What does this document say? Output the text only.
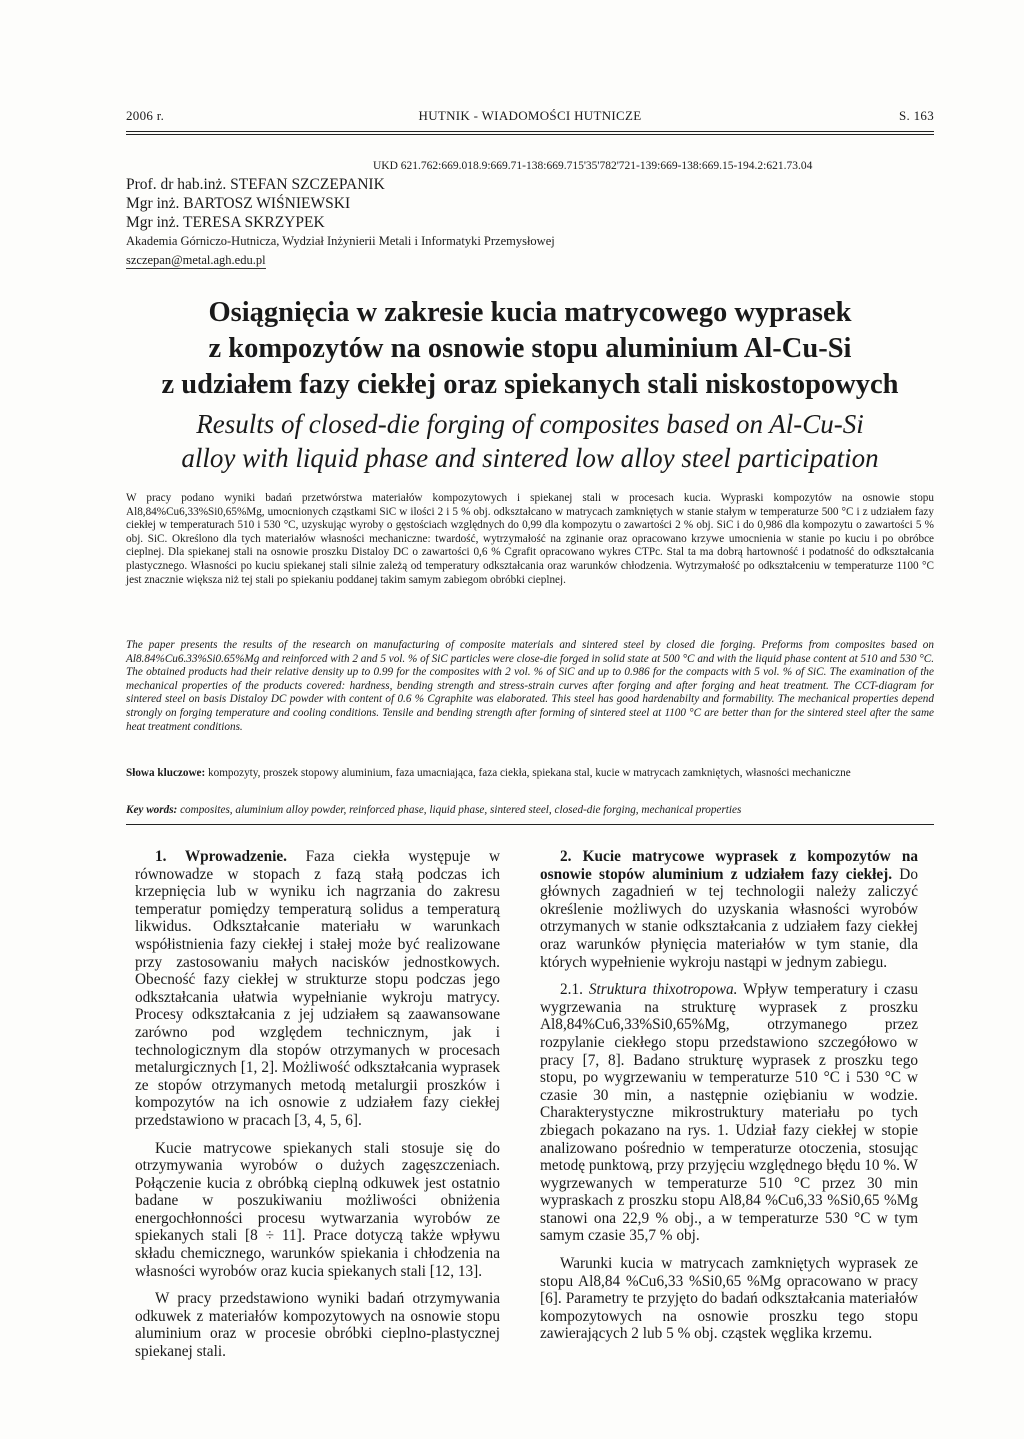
2006 r.	HUTNIK - WIADOMOŚCI HUTNICZE	S. 163
UKD 621.762:669.018.9:669.71-138:669.715'35'782'721-139:669-138:669.15-194.2:621.73.04
Prof. dr hab.inż. STEFAN SZCZEPANIK
Mgr inż. BARTOSZ WIŚNIEWSKI
Mgr inż. TERESA SKRZYPEK
Akademia Górniczo-Hutnicza, Wydział Inżynierii Metali i Informatyki Przemysłowej
szczepan@metal.agh.edu.pl
Osiągnięcia w zakresie kucia matrycowego wyprasek
z kompozytów na osnowie stopu aluminium Al-Cu-Si
z udziałem fazy ciekłej oraz spiekanych stali niskostopowych
Results of closed-die forging of composites based on Al-Cu-Si
alloy with liquid phase and sintered low alloy steel participation
W pracy podano wyniki badań przetwórstwa materiałów kompozytowych i spiekanej stali w procesach kucia. Wypraski kompozytów na osnowie stopu Al8,84%Cu6,33%Si0,65%Mg, umocnionych cząstkami SiC w ilości 2 i 5 % obj. odkształcano w matrycach zamkniętych w stanie stałym w temperaturze 500 °C i z udziałem fazy ciekłej w temperaturach 510 i 530 °C, uzyskując wyroby o gęstościach względnych do 0,99 dla kompozytu o zawartości 2 % obj. SiC i do 0,986 dla kompozytu o zawartości 5 % obj. SiC. Określono dla tych materiałów własności mechaniczne: twardość, wytrzymałość na zginanie oraz opracowano krzywe umocnienia w stanie po kuciu i po obróbce cieplnej. Dla spiekanej stali na osnowie proszku Distaloy DC o zawartości 0,6 % Cgrafit opracowano wykres CTPc. Stal ta ma dobrą hartowność i podatność do odkształcania plastycznego. Własności po kuciu spiekanej stali silnie zależą od temperatury odkształcania oraz warunków chłodzenia. Wytrzymałość po odkształceniu w temperaturze 1100 °C jest znacznie większa niż tej stali po spiekaniu poddanej takim samym zabiegom obróbki cieplnej.
The paper presents the results of the research on manufacturing of composite materials and sintered steel by closed die forging. Preforms from composites based on Al8.84%Cu6.33%Si0.65%Mg and reinforced with 2 and 5 vol. % of SiC particles were close-die forged in solid state at 500 °C and with the liquid phase content at 510 and 530 °C. The obtained products had their relative density up to 0.99 for the composites with 2 vol. % of SiC and up to 0.986 for the compacts with 5 vol. % of SiC. The examination of the mechanical properties of the products covered: hardness, bending strength and stress-strain curves after forging and after forging and heat treatment. The CCT-diagram for sintered steel on basis Distaloy DC powder with content of 0.6 % Cgraphite was elaborated. This steel has good hardenabilty and formability. The mechanical properties depend strongly on forging temperature and cooling conditions. Tensile and bending strength after forming of sintered steel at 1100 °C are better than for the sintered steel after the same heat treatment conditions.
Słowa kluczowe: kompozyty, proszek stopowy aluminium, faza umacniająca, faza ciekła, spiekana stal, kucie w matrycach zamkniętych, własności mechaniczne
Key words: composites, aluminium alloy powder, reinforced phase, liquid phase, sintered steel, closed-die forging, mechanical properties

1. Wprowadzenie. Faza ciekła występuje w równowadze w stopach z fazą stałą podczas ich krzepnięcia lub w wyniku ich nagrzania do zakresu temperatur pomiędzy temperaturą solidus a temperaturą likwidus. Odkształcanie materiału w warunkach współistnienia fazy ciekłej i stałej może być realizowane przy zastosowaniu małych nacisków jednostkowych. Obecność fazy ciekłej w strukturze stopu podczas jego odkształcania ułatwia wypełnianie wykroju matrycy. Procesy odkształcania z jej udziałem są zaawansowane zarówno pod względem technicznym, jak i technologicznym dla stopów otrzymanych w procesach metalurgicznych [1, 2]. Możliwość odkształcania wyprasek ze stopów otrzymanych metodą metalurgii proszków i kompozytów na ich osnowie z udziałem fazy ciekłej przedstawiono w pracach [3, 4, 5, 6].

Kucie matrycowe spiekanych stali stosuje się do otrzymywania wyrobów o dużych zagęszczeniach. Połączenie kucia z obróbką cieplną odkuwek jest ostatnio badane w poszukiwaniu możliwości obniżenia energochłonności procesu wytwarzania wyrobów ze spiekanych stali [8 ÷ 11]. Prace dotyczą także wpływu składu chemicznego, warunków spiekania i chłodzenia na własności wyrobów oraz kucia spiekanych stali [12, 13].

W pracy przedstawiono wyniki badań otrzymywania odkuwek z materiałów kompozytowych na osnowie stopu aluminium oraz w procesie obróbki cieplno-plastycznej spiekanej stali.

2. Kucie matrycowe wyprasek z kompozytów na osnowie stopów aluminium z udziałem fazy ciekłej. Do głównych zagadnień w tej technologii należy zaliczyć określenie możliwych do uzyskania własności wyrobów otrzymanych w stanie odkształcania z udziałem fazy ciekłej oraz warunków płynięcia materiałów w tym stanie, dla których wypełnienie wykroju nastąpi w jednym zabiegu.

2.1. Struktura thixotropowa. Wpływ temperatury i czasu wygrzewania na strukturę wyprasek z proszku Al8,84%Cu6,33%Si0,65%Mg, otrzymanego przez rozpylanie ciekłego stopu przedstawiono szczegółowo w pracy [7, 8]. Badano strukturę wyprasek z proszku tego stopu, po wygrzewaniu w temperaturze 510 °C i 530 °C w czasie 30 min, a następnie oziębianiu w wodzie. Charakterystyczne mikrostruktury materiału po tych zbiegach pokazano na rys. 1. Udział fazy ciekłej w stopie analizowano pośrednio w temperaturze otoczenia, stosując metodę punktową, przy przyjęciu względnego błędu 10 %. W wygrzewanych w temperaturze 510 °C przez 30 min wypraskach z proszku stopu Al8,84 %Cu6,33 %Si0,65 %Mg stanowi ona 22,9 % obj., a w temperaturze 530 °C w tym samym czasie 35,7 % obj.

Warunki kucia w matrycach zamkniętych wyprasek ze stopu Al8,84 %Cu6,33 %Si0,65 %Mg opracowano w pracy [6]. Parametry te przyjęto do badań odkształcania materiałów kompozytowych na osnowie proszku tego stopu zawierających 2 lub 5 % obj. cząstek węglika krzemu.
